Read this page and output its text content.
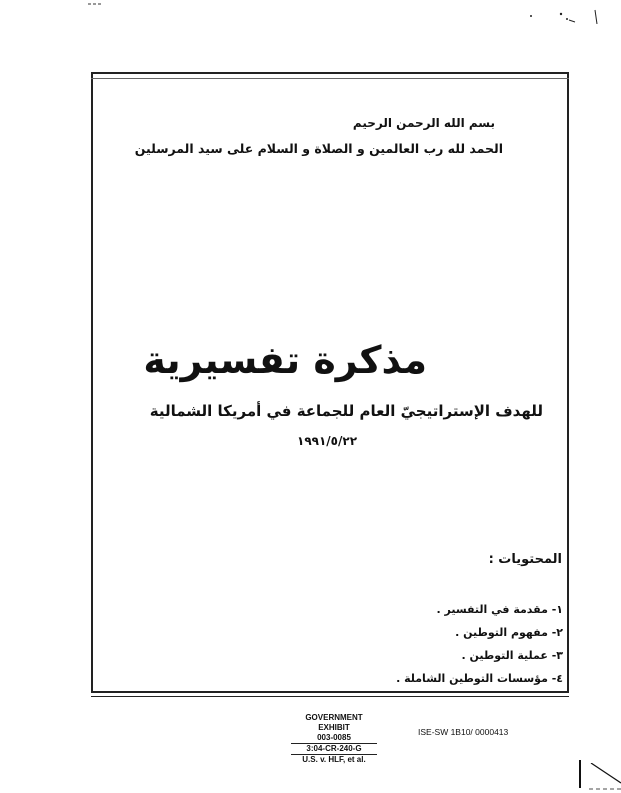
بسم الله الرحمن الرحيم
الحمد لله رب العالمين و الصلاة و السلام على سيد المرسلين
مذكرة تفسيرية
للهدف الإستراتيجيّ العام للجماعة في أمريكا الشمالية
١٩٩١/٥/٢٢
المحتويات :
١- مقدمة في التفسير .
٢- مفهوم التوطين .
٣- عملية التوطين .
٤- مؤسسات التوطين الشاملة .
GOVERNMENT
EXHIBIT
003-0085
3:04-CR-240-G
U.S. v. HLF, et al.
ISE-SW 1B10/ 0000413
